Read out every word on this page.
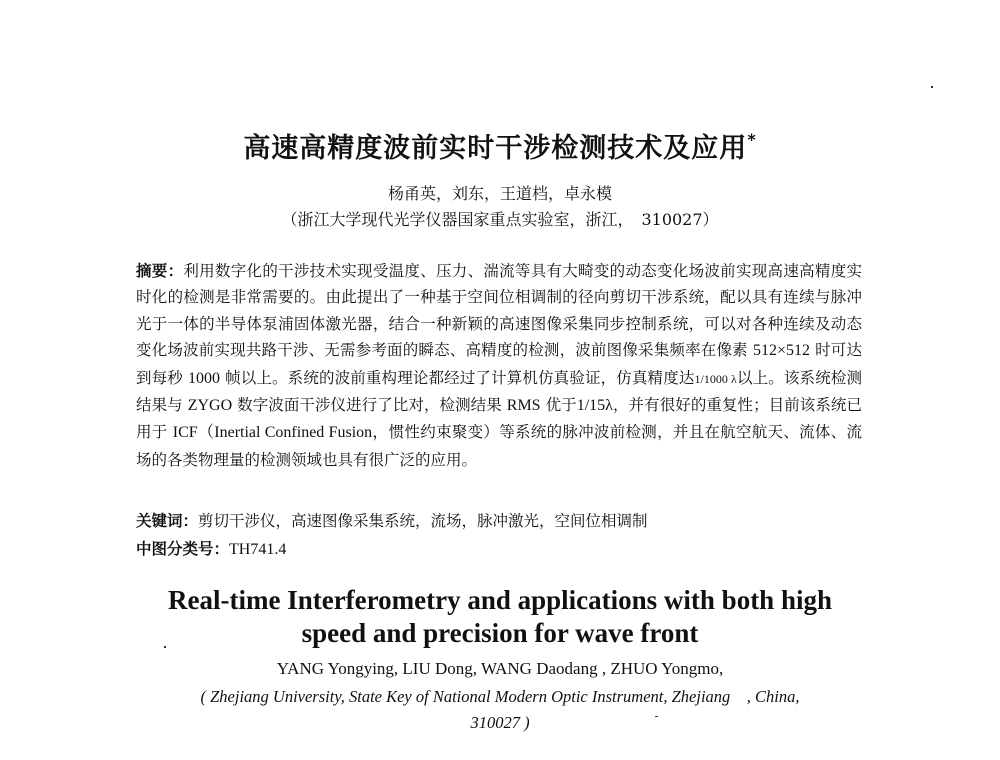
高速高精度波前实时干涉检测技术及应用*
杨甬英，刘东，王道档，卓永模
（浙江大学现代光学仪器国家重点实验室，浙江，　310027）
摘要：利用数字化的干涉技术实现受温度、压力、湍流等具有大畸变的动态变化场波前实现高速高精度实时化的检测是非常需要的。由此提出了一种基于空间位相调制的径向剪切干涉系统，配以具有连续与脉冲光于一体的半导体泵浦固体激光器，结合一种新颖的高速图像采集同步控制系统，可以对各种连续及动态变化场波前实现共路干涉、无需参考面的瞬态、高精度的检测，波前图像采集频率在像素 512×512 时可达到每秒 1000 帧以上。系统的波前重构理论都经过了计算机仿真验证，仿真精度达1/1000 λ以上。该系统检测结果与 ZYGO 数字波面干涉仪进行了比对，检测结果 RMS 优于1/15λ，并有很好的重复性；目前该系统已用于 ICF（Inertial Confined Fusion，惯性约束聚变）等系统的脉冲波前检测，并且在航空航天、流体、流场的各类物理量的检测领域也具有很广泛的应用。
关键词：剪切干涉仪，高速图像采集系统，流场，脉冲激光，空间位相调制
中图分类号：TH741.4
Real-time Interferometry and applications with both high
speed and precision for wave front
YANG Yongying, LIU Dong, WANG Daodang , ZHUO Yongmo,
( Zhejiang University, State Key of National Modern Optic Instrument, Zhejiang　, China,
310027 )
